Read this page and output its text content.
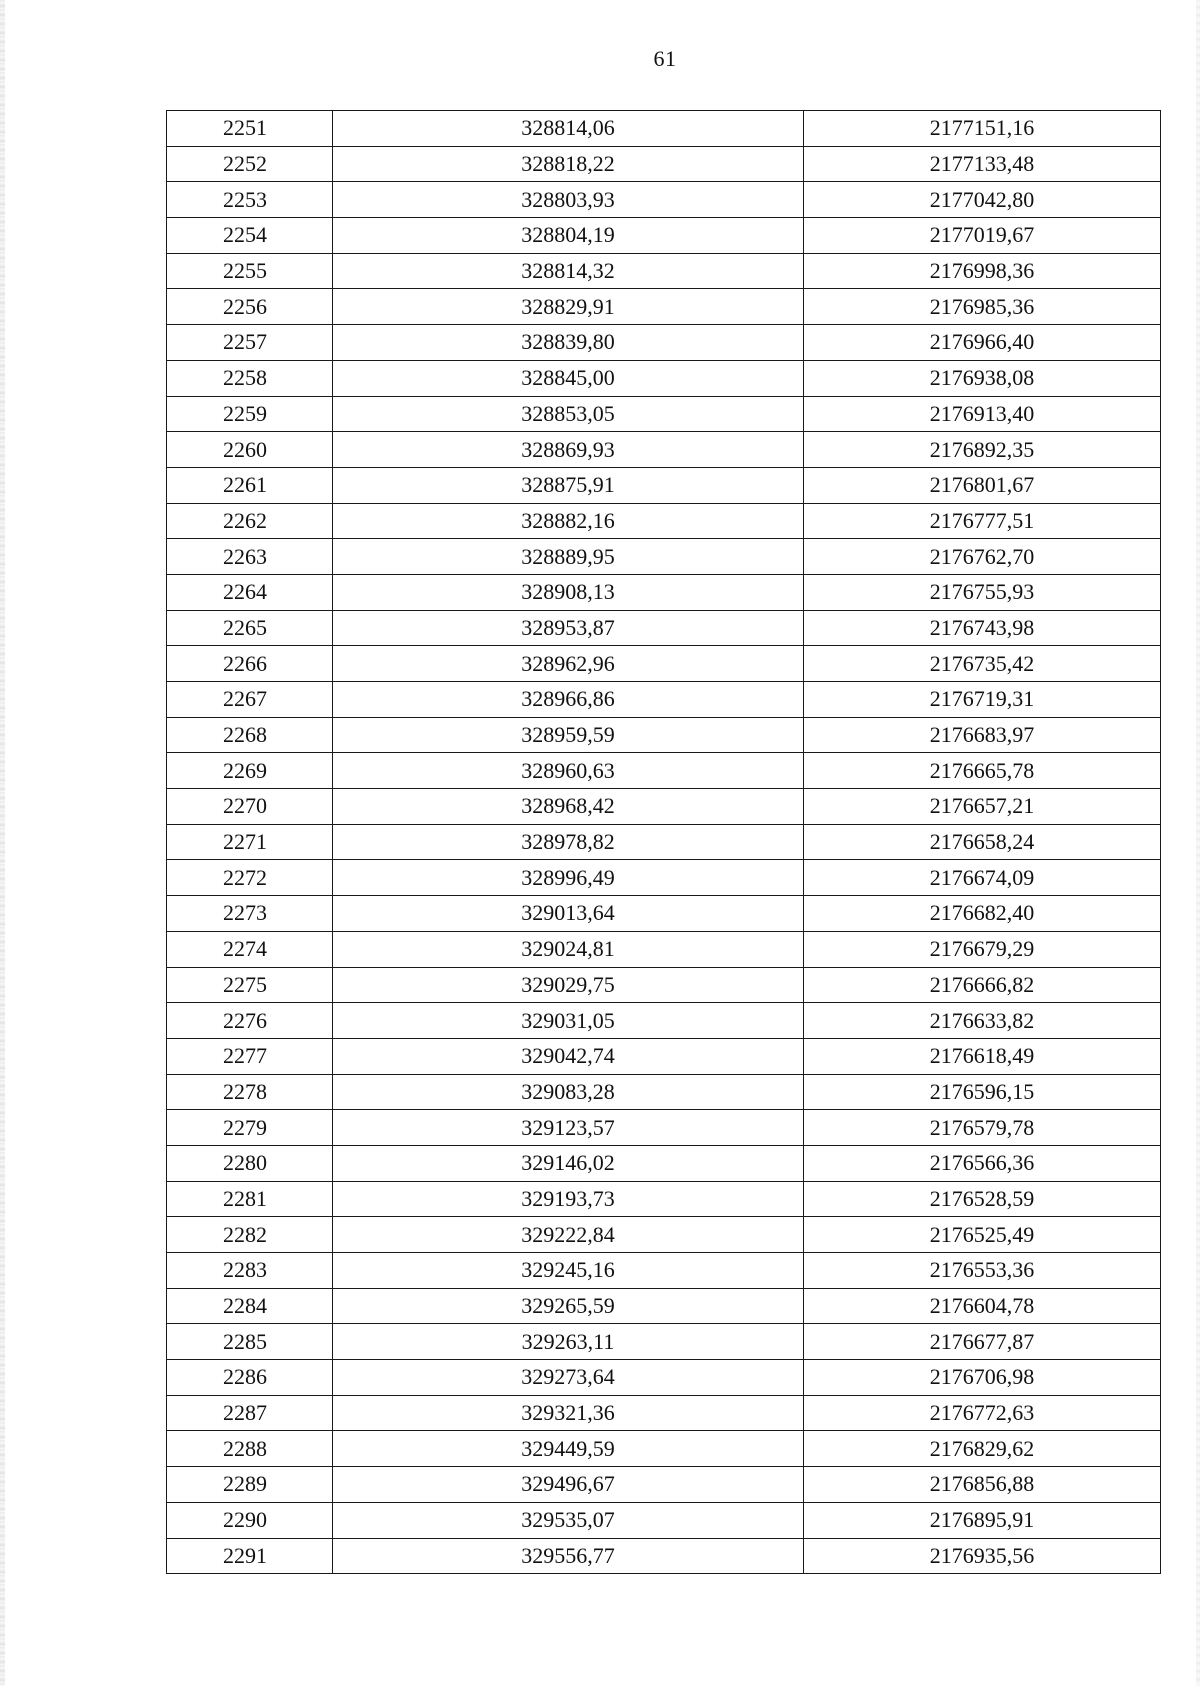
61
2251	328814,06	2177151,16
2252	328818,22	2177133,48
2253	328803,93	2177042,80
2254	328804,19	2177019,67
2255	328814,32	2176998,36
2256	328829,91	2176985,36
2257	328839,80	2176966,40
2258	328845,00	2176938,08
2259	328853,05	2176913,40
2260	328869,93	2176892,35
2261	328875,91	2176801,67
2262	328882,16	2176777,51
2263	328889,95	2176762,70
2264	328908,13	2176755,93
2265	328953,87	2176743,98
2266	328962,96	2176735,42
2267	328966,86	2176719,31
2268	328959,59	2176683,97
2269	328960,63	2176665,78
2270	328968,42	2176657,21
2271	328978,82	2176658,24
2272	328996,49	2176674,09
2273	329013,64	2176682,40
2274	329024,81	2176679,29
2275	329029,75	2176666,82
2276	329031,05	2176633,82
2277	329042,74	2176618,49
2278	329083,28	2176596,15
2279	329123,57	2176579,78
2280	329146,02	2176566,36
2281	329193,73	2176528,59
2282	329222,84	2176525,49
2283	329245,16	2176553,36
2284	329265,59	2176604,78
2285	329263,11	2176677,87
2286	329273,64	2176706,98
2287	329321,36	2176772,63
2288	329449,59	2176829,62
2289	329496,67	2176856,88
2290	329535,07	2176895,91
2291	329556,77	2176935,56
